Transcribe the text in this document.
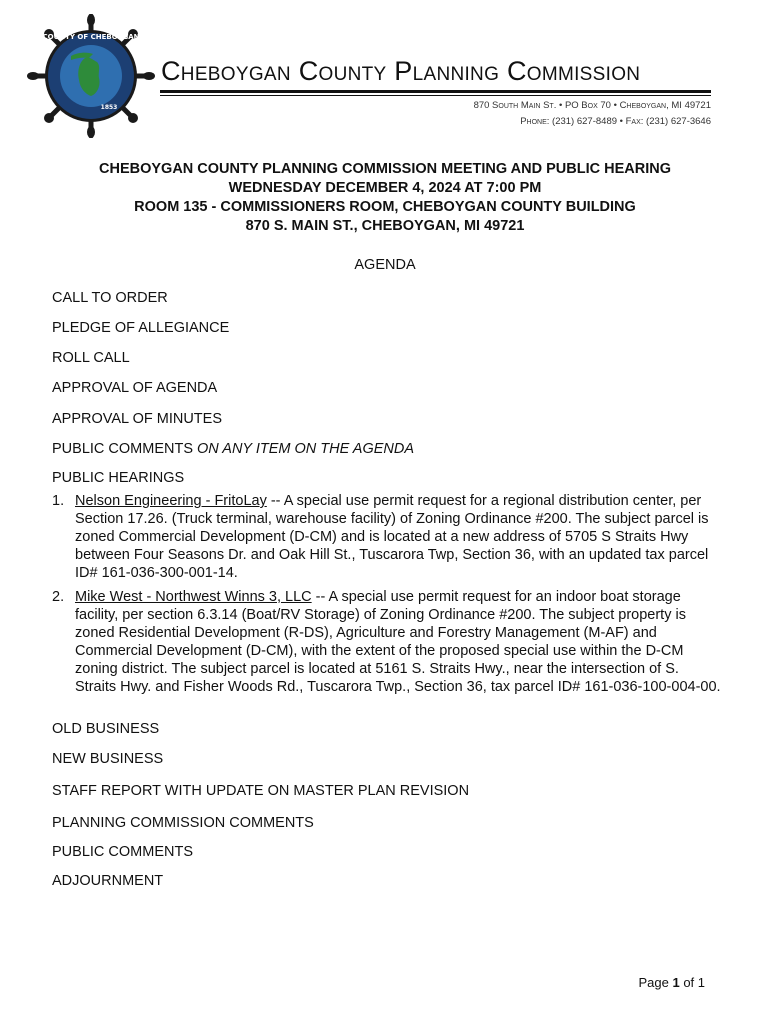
COUNTY OF CHEBOYGAN
1853
Cheboygan County Planning Commission
870 South Main St. • PO Box 70 • Cheboygan, MI 49721
Phone: (231) 627-8489 • Fax: (231) 627-3646
CHEBOYGAN COUNTY PLANNING COMMISSION MEETING AND PUBLIC HEARING
WEDNESDAY DECEMBER 4, 2024 AT 7:00 PM
ROOM 135 - COMMISSIONERS ROOM, CHEBOYGAN COUNTY BUILDING
870 S. MAIN ST., CHEBOYGAN, MI 49721
AGENDA
CALL TO ORDER
PLEDGE OF ALLEGIANCE
ROLL CALL
APPROVAL OF AGENDA
APPROVAL OF MINUTES
PUBLIC COMMENTS ON ANY ITEM ON THE AGENDA
PUBLIC HEARINGS
1. Nelson Engineering - FritoLay -- A special use permit request for a regional distribution center, per Section 17.26. (Truck terminal, warehouse facility) of Zoning Ordinance #200. The subject parcel is zoned Commercial Development (D-CM) and is located at a new address of 5705 S Straits Hwy between Four Seasons Dr. and Oak Hill St., Tuscarora Twp, Section 36, with an updated tax parcel ID# 161-036-300-001-14.
2. Mike West - Northwest Winns 3, LLC -- A special use permit request for an indoor boat storage facility, per section 6.3.14 (Boat/RV Storage) of Zoning Ordinance #200. The subject property is zoned Residential Development (R-DS), Agriculture and Forestry Management (M-AF) and Commercial Development (D-CM), with the extent of the proposed special use within the D-CM zoning district. The subject parcel is located at 5161 S. Straits Hwy., near the intersection of S. Straits Hwy. and Fisher Woods Rd., Tuscarora Twp., Section 36, tax parcel ID# 161-036-100-004-00.
OLD BUSINESS
NEW BUSINESS
STAFF REPORT WITH UPDATE ON MASTER PLAN REVISION
PLANNING COMMISSION COMMENTS
PUBLIC COMMENTS
ADJOURNMENT
Page 1 of 1
